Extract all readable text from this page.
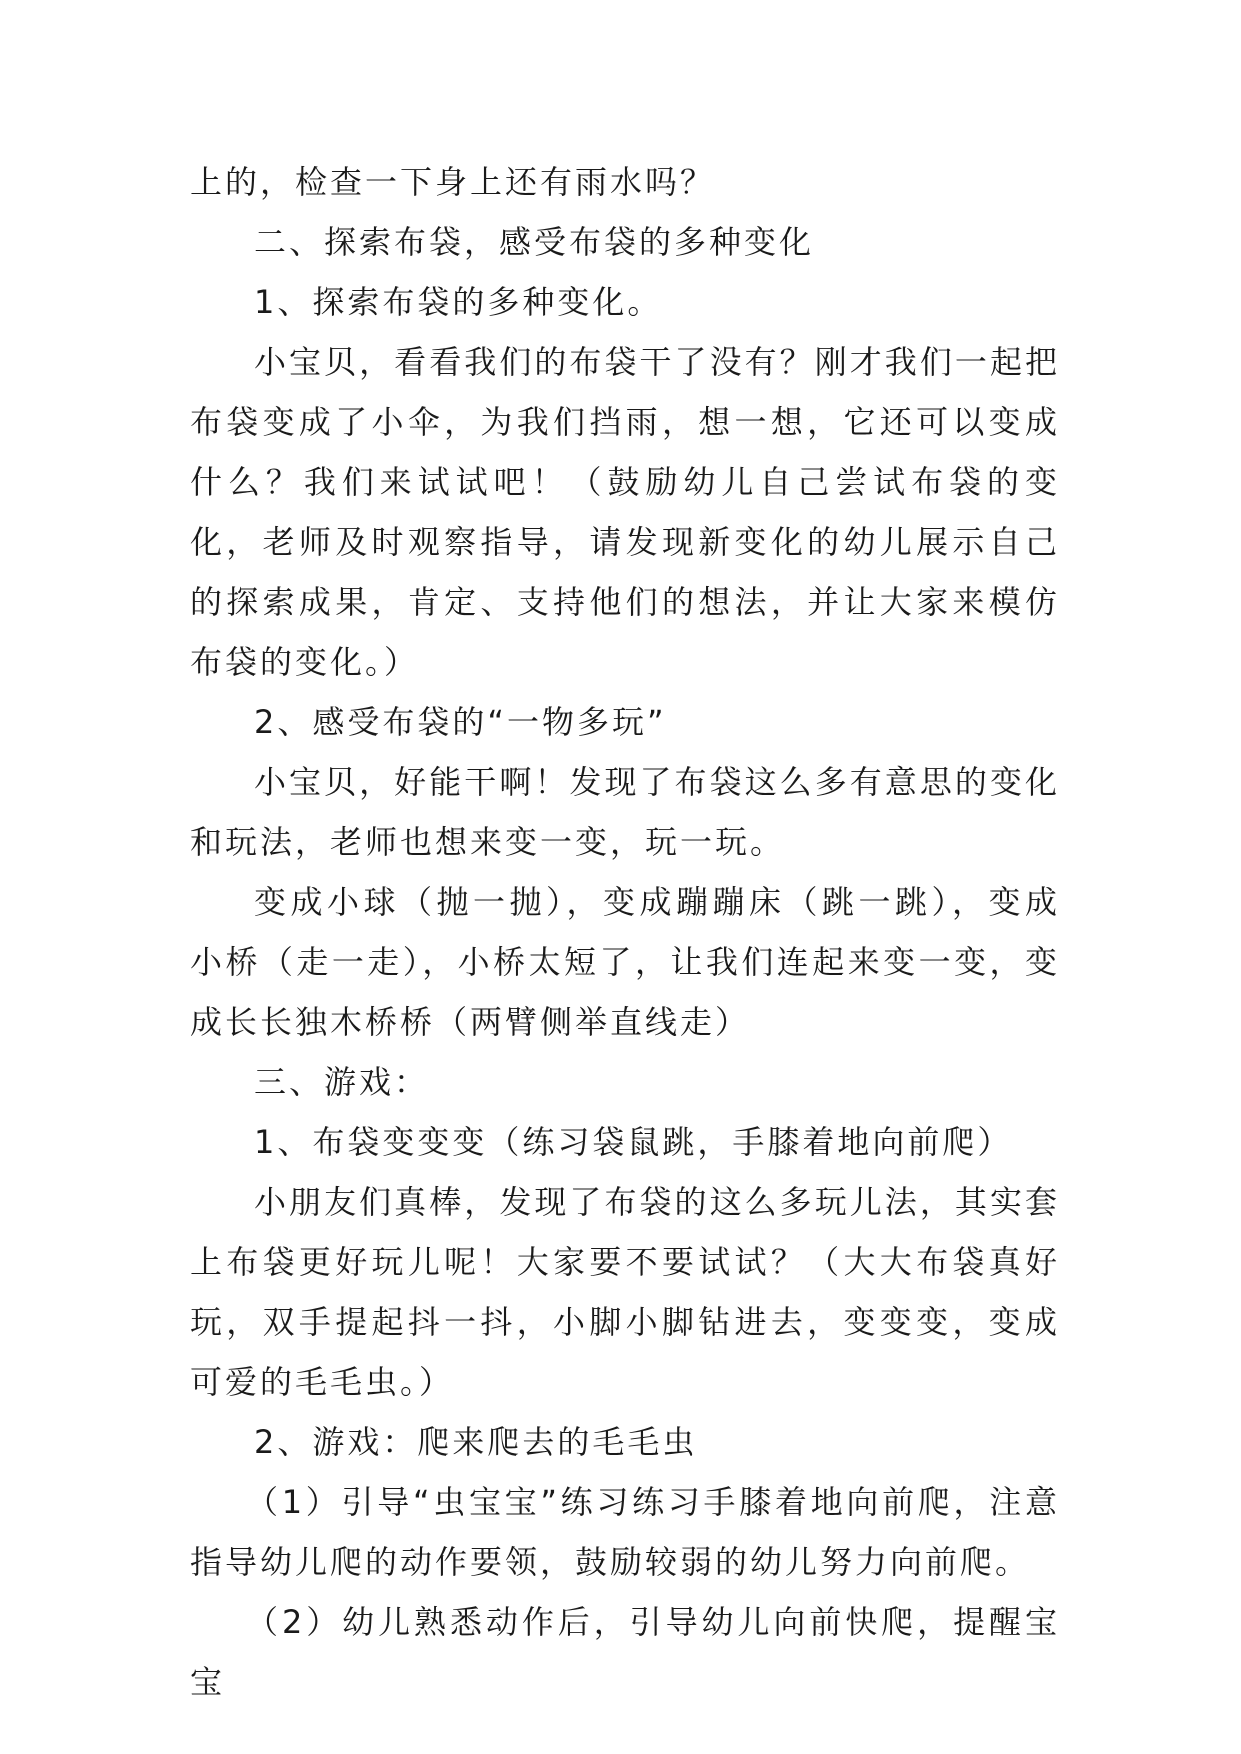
上的，检查一下身上还有雨水吗？

二、探索布袋，感受布袋的多种变化

1、探索布袋的多种变化。

小宝贝，看看我们的布袋干了没有？刚才我们一起把布袋变成了小伞，为我们挡雨，想一想，它还可以变成什么？我们来试试吧！（鼓励幼儿自己尝试布袋的变化，老师及时观察指导，请发现新变化的幼儿展示自己的探索成果，肯定、支持他们的想法，并让大家来模仿布袋的变化。）

2、感受布袋的“一物多玩”

小宝贝，好能干啊！发现了布袋这么多有意思的变化和玩法，老师也想来变一变，玩一玩。

变成小球（抛一抛），变成蹦蹦床（跳一跳），变成小桥（走一走），小桥太短了，让我们连起来变一变，变成长长独木桥桥（两臂侧举直线走）

三、游戏：

1、布袋变变变（练习袋鼠跳，手膝着地向前爬）

小朋友们真棒，发现了布袋的这么多玩儿法，其实套上布袋更好玩儿呢！大家要不要试试？（大大布袋真好玩，双手提起抖一抖，小脚小脚钻进去，变变变，变成可爱的毛毛虫。）

2、游戏：爬来爬去的毛毛虫

（1）引导“虫宝宝”练习练习手膝着地向前爬，注意指导幼儿爬的动作要领，鼓励较弱的幼儿努力向前爬。

（2）幼儿熟悉动作后，引导幼儿向前快爬，提醒宝宝
